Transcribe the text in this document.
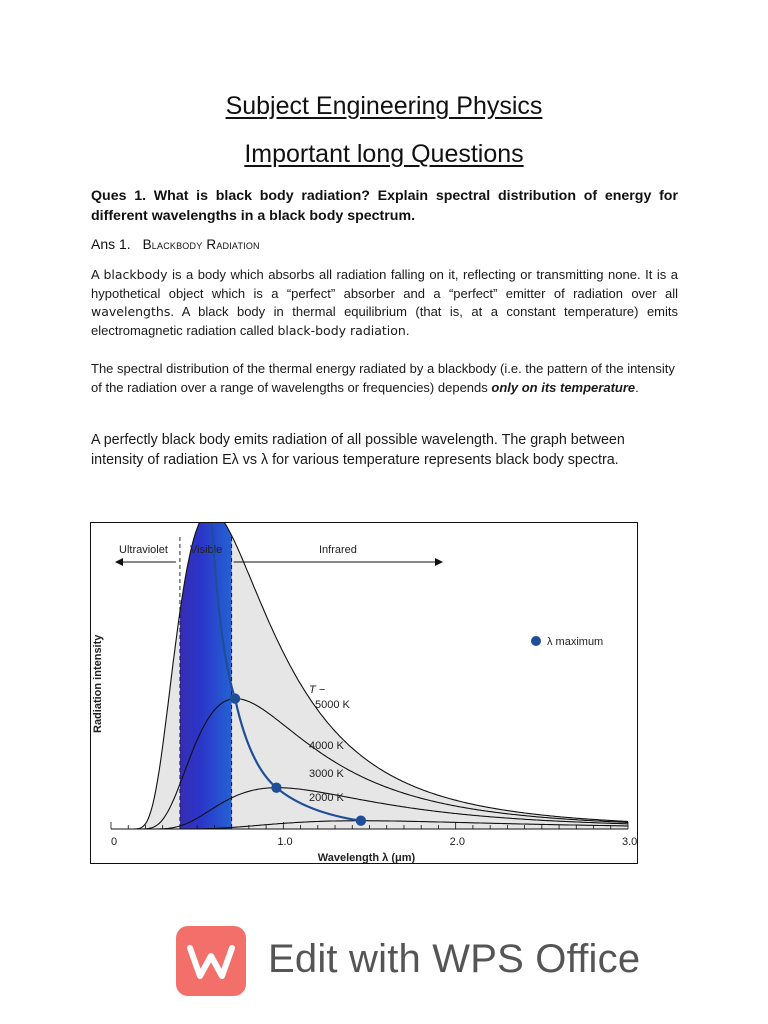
Subject Engineering Physics
Important long Questions
Ques 1. What is black body radiation? Explain spectral distribution of energy for different wavelengths in a black body spectrum.
Ans 1. Blackbody Radiation
A blackbody is a body which absorbs all radiation falling on it, reflecting or transmitting none. It is a hypothetical object which is a “perfect” absorber and a “perfect” emitter of radiation over all wavelengths. A black body in thermal equilibrium (that is, at a constant temperature) emits electromagnetic radiation called black-body radiation.
The spectral distribution of the thermal energy radiated by a blackbody (i.e. the pattern of the intensity of the radiation over a range of wavelengths or frequencies) depends only on its temperature.
A perfectly black body emits radiation of all possible wavelength. The graph between intensity of radiation Eλ vs λ for various temperature represents black body spectra.
0	1.0	2.0	3.0
Wavelength λ (μm)
Radiation intensity
Ultraviolet Visible	Infrared
T −
5000 K
4000 K
3000 K
2000 K
λ maximum
Edit with WPS Office
